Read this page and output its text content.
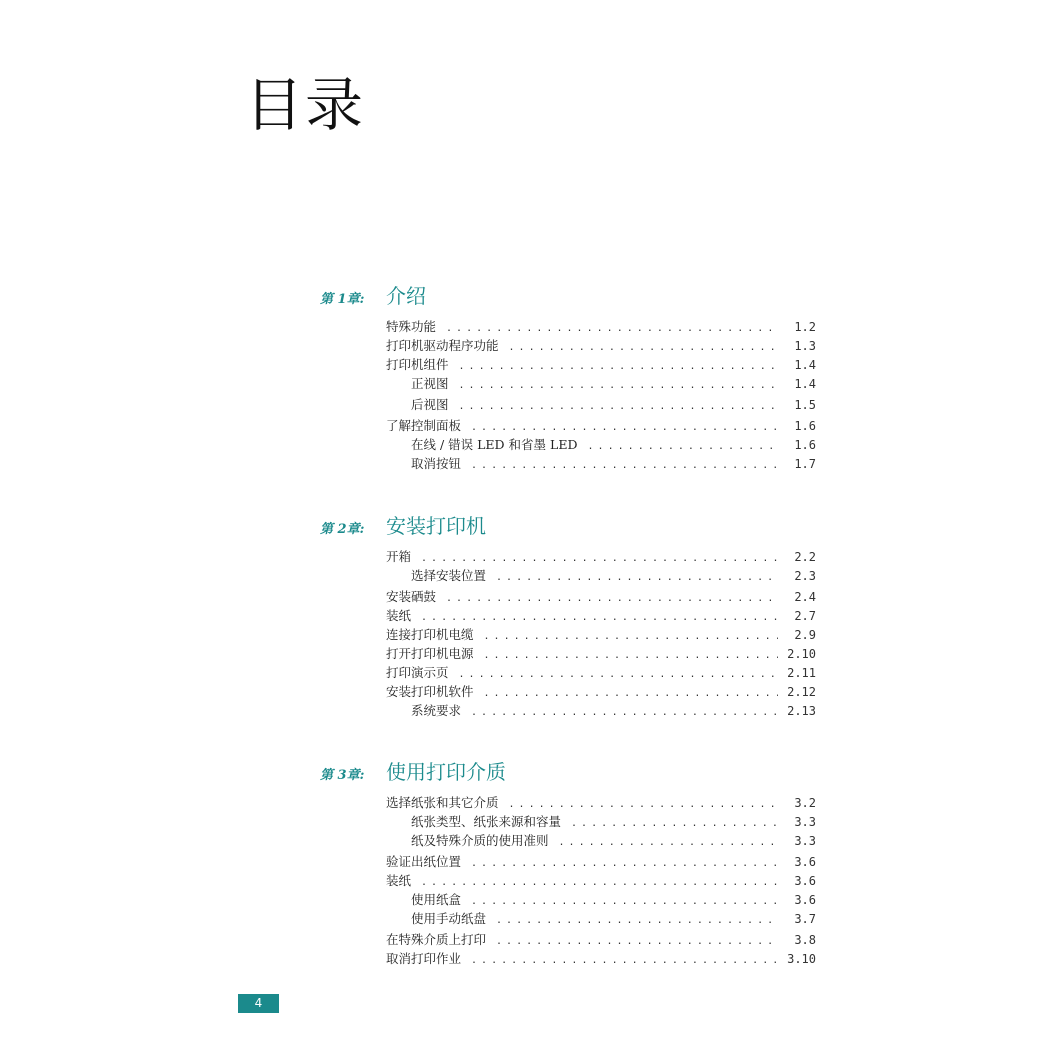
目录
第 1章: 介绍
特殊功能 . . .	1.2
打印机驱动程序功能 . . .	1.3
打印机组件 . . .	1.4
正视图 . . .	1.4
后视图 . . .	1.5
了解控制面板 . . .	1.6
在线 / 错误 LED 和省墨 LED . . .	1.6
取消按钮 . . .	1.7
第 2章: 安装打印机
开箱 . . .	2.2
选择安装位置 . . .	2.3
安装硒鼓 . . .	2.4
装纸 . . .	2.7
连接打印机电缆 . . .	2.9
打开打印机电源 . . .	2.10
打印演示页 . . .	2.11
安装打印机软件 . . .	2.12
系统要求 . . .	2.13
第 3章: 使用打印介质
选择纸张和其它介质 . . .	3.2
纸张类型、纸张来源和容量 . . .	3.3
纸及特殊介质的使用准则 . . .	3.3
验证出纸位置 . . .	3.6
装纸 . . .	3.6
使用纸盒 . . .	3.6
使用手动纸盘 . . .	3.7
在特殊介质上打印 . . .	3.8
取消打印作业 . . .	3.10
4
